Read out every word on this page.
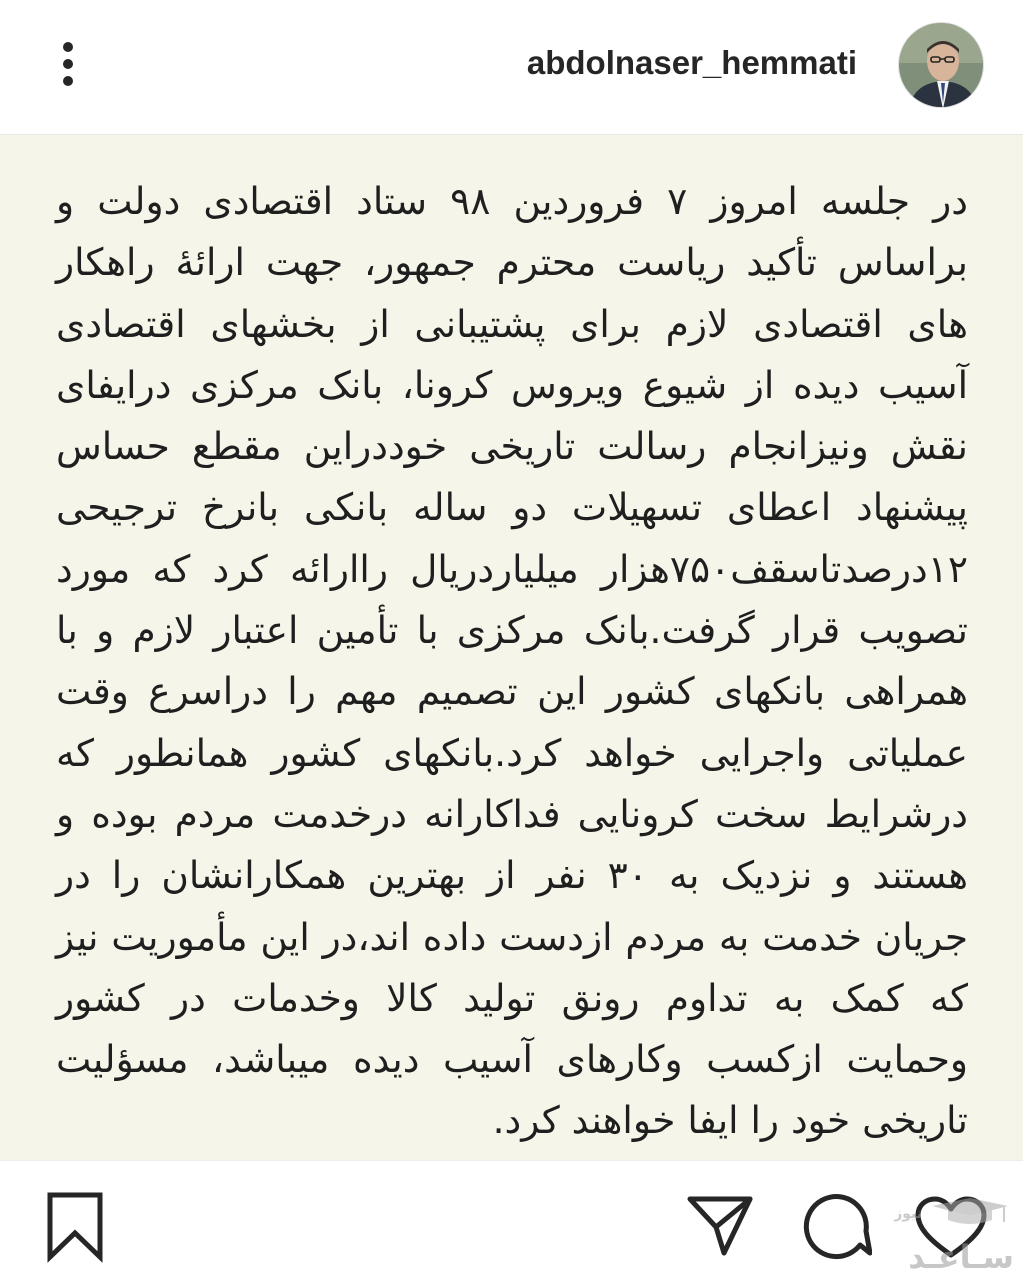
abdolnaser_hemmati

در جلسه امروز ۷ فروردین ۹۸ ستاد اقتصادی دولت و براساس تأکید ریاست محترم جمهور، جهت ارائهٔ راهکار های اقتصادی لازم برای پشتیبانی از بخشهای اقتصادی آسیب دیده از شیوع ویروس کرونا، بانک مرکزی درایفای نقش ونیزانجام رسالت تاریخی خوددراین مقطع حساس پیشنهاد اعطای تسهیلات دو ساله بانکی بانرخ ترجیحی ۱۲درصدتاسقف۷۵۰هزار میلیاردریال راارائه کرد که مورد تصویب قرار گرفت.بانک مرکزی با تأمین اعتبار لازم و با همراهی بانکهای کشور این تصمیم مهم را دراسرع وقت عملیاتی واجرایی خواهد کرد.بانکهای کشور همانطور که درشرایط سخت کرونایی فداکارانه درخدمت مردم بوده و هستند و نزدیک به ۳۰ نفر از بهترین همکارانشان را در جریان خدمت به مردم ازدست داده اند،در این مأموریت نیز که کمک به تداوم رونق تولید کالا وخدمات در کشور وحمایت ازکسب وکارهای آسیب دیده میباشد، مسؤلیت تاریخی خود را ایفا خواهند کرد.

نیوز
سـاعـد
